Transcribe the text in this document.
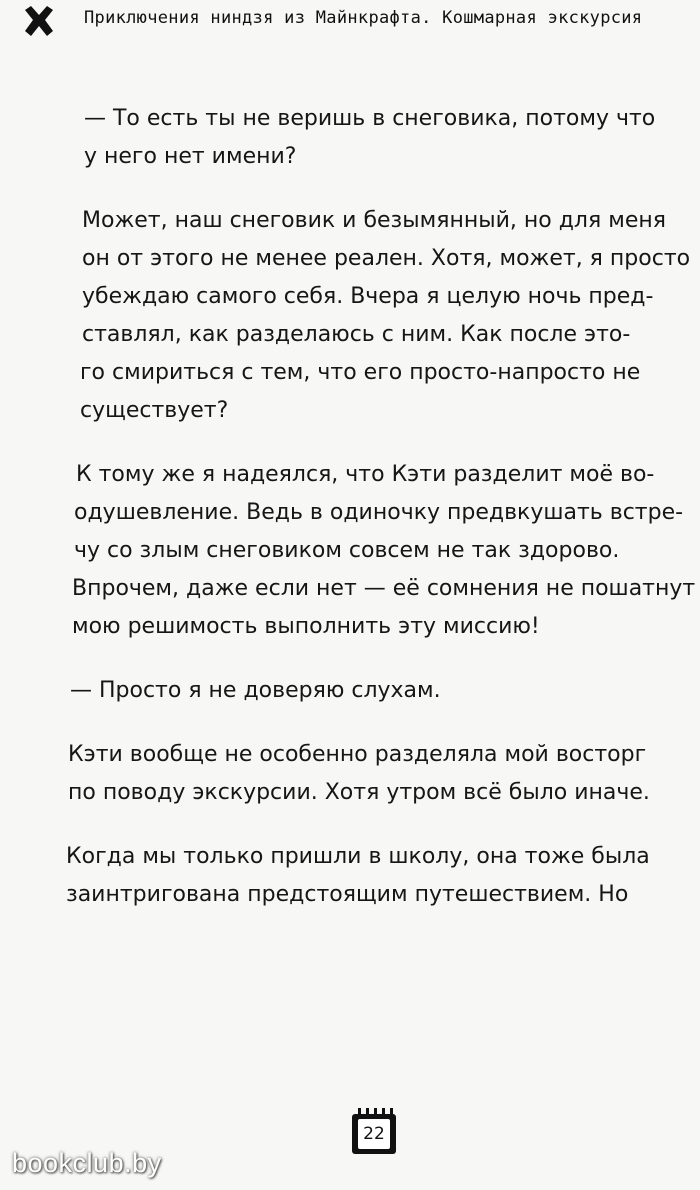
Приключения ниндзя из Майнкрафта. Кошмарная экскурсия
— То есть ты не веришь в снеговика, потому что
у него нет имени?
Может, наш снеговик и безымянный, но для меня
он от этого не менее реален. Хотя, может, я просто
убеждаю самого себя. Вчера я целую ночь пред-
ставлял, как разделаюсь с ним. Как после это-
го смириться с тем, что его просто-напросто не
существует?
К тому же я надеялся, что Кэти разделит моё во-
одушевление. Ведь в одиночку предвкушать встре-
чу со злым снеговиком совсем не так здорово.
Впрочем, даже если нет — её сомнения не пошатнут
мою решимость выполнить эту миссию!
— Просто я не доверяю слухам.
Кэти вообще не особенно разделяла мой восторг
по поводу экскурсии. Хотя утром всё было иначе.
Когда мы только пришли в школу, она тоже была
заинтригована предстоящим путешествием. Но
22
bookclub.by
